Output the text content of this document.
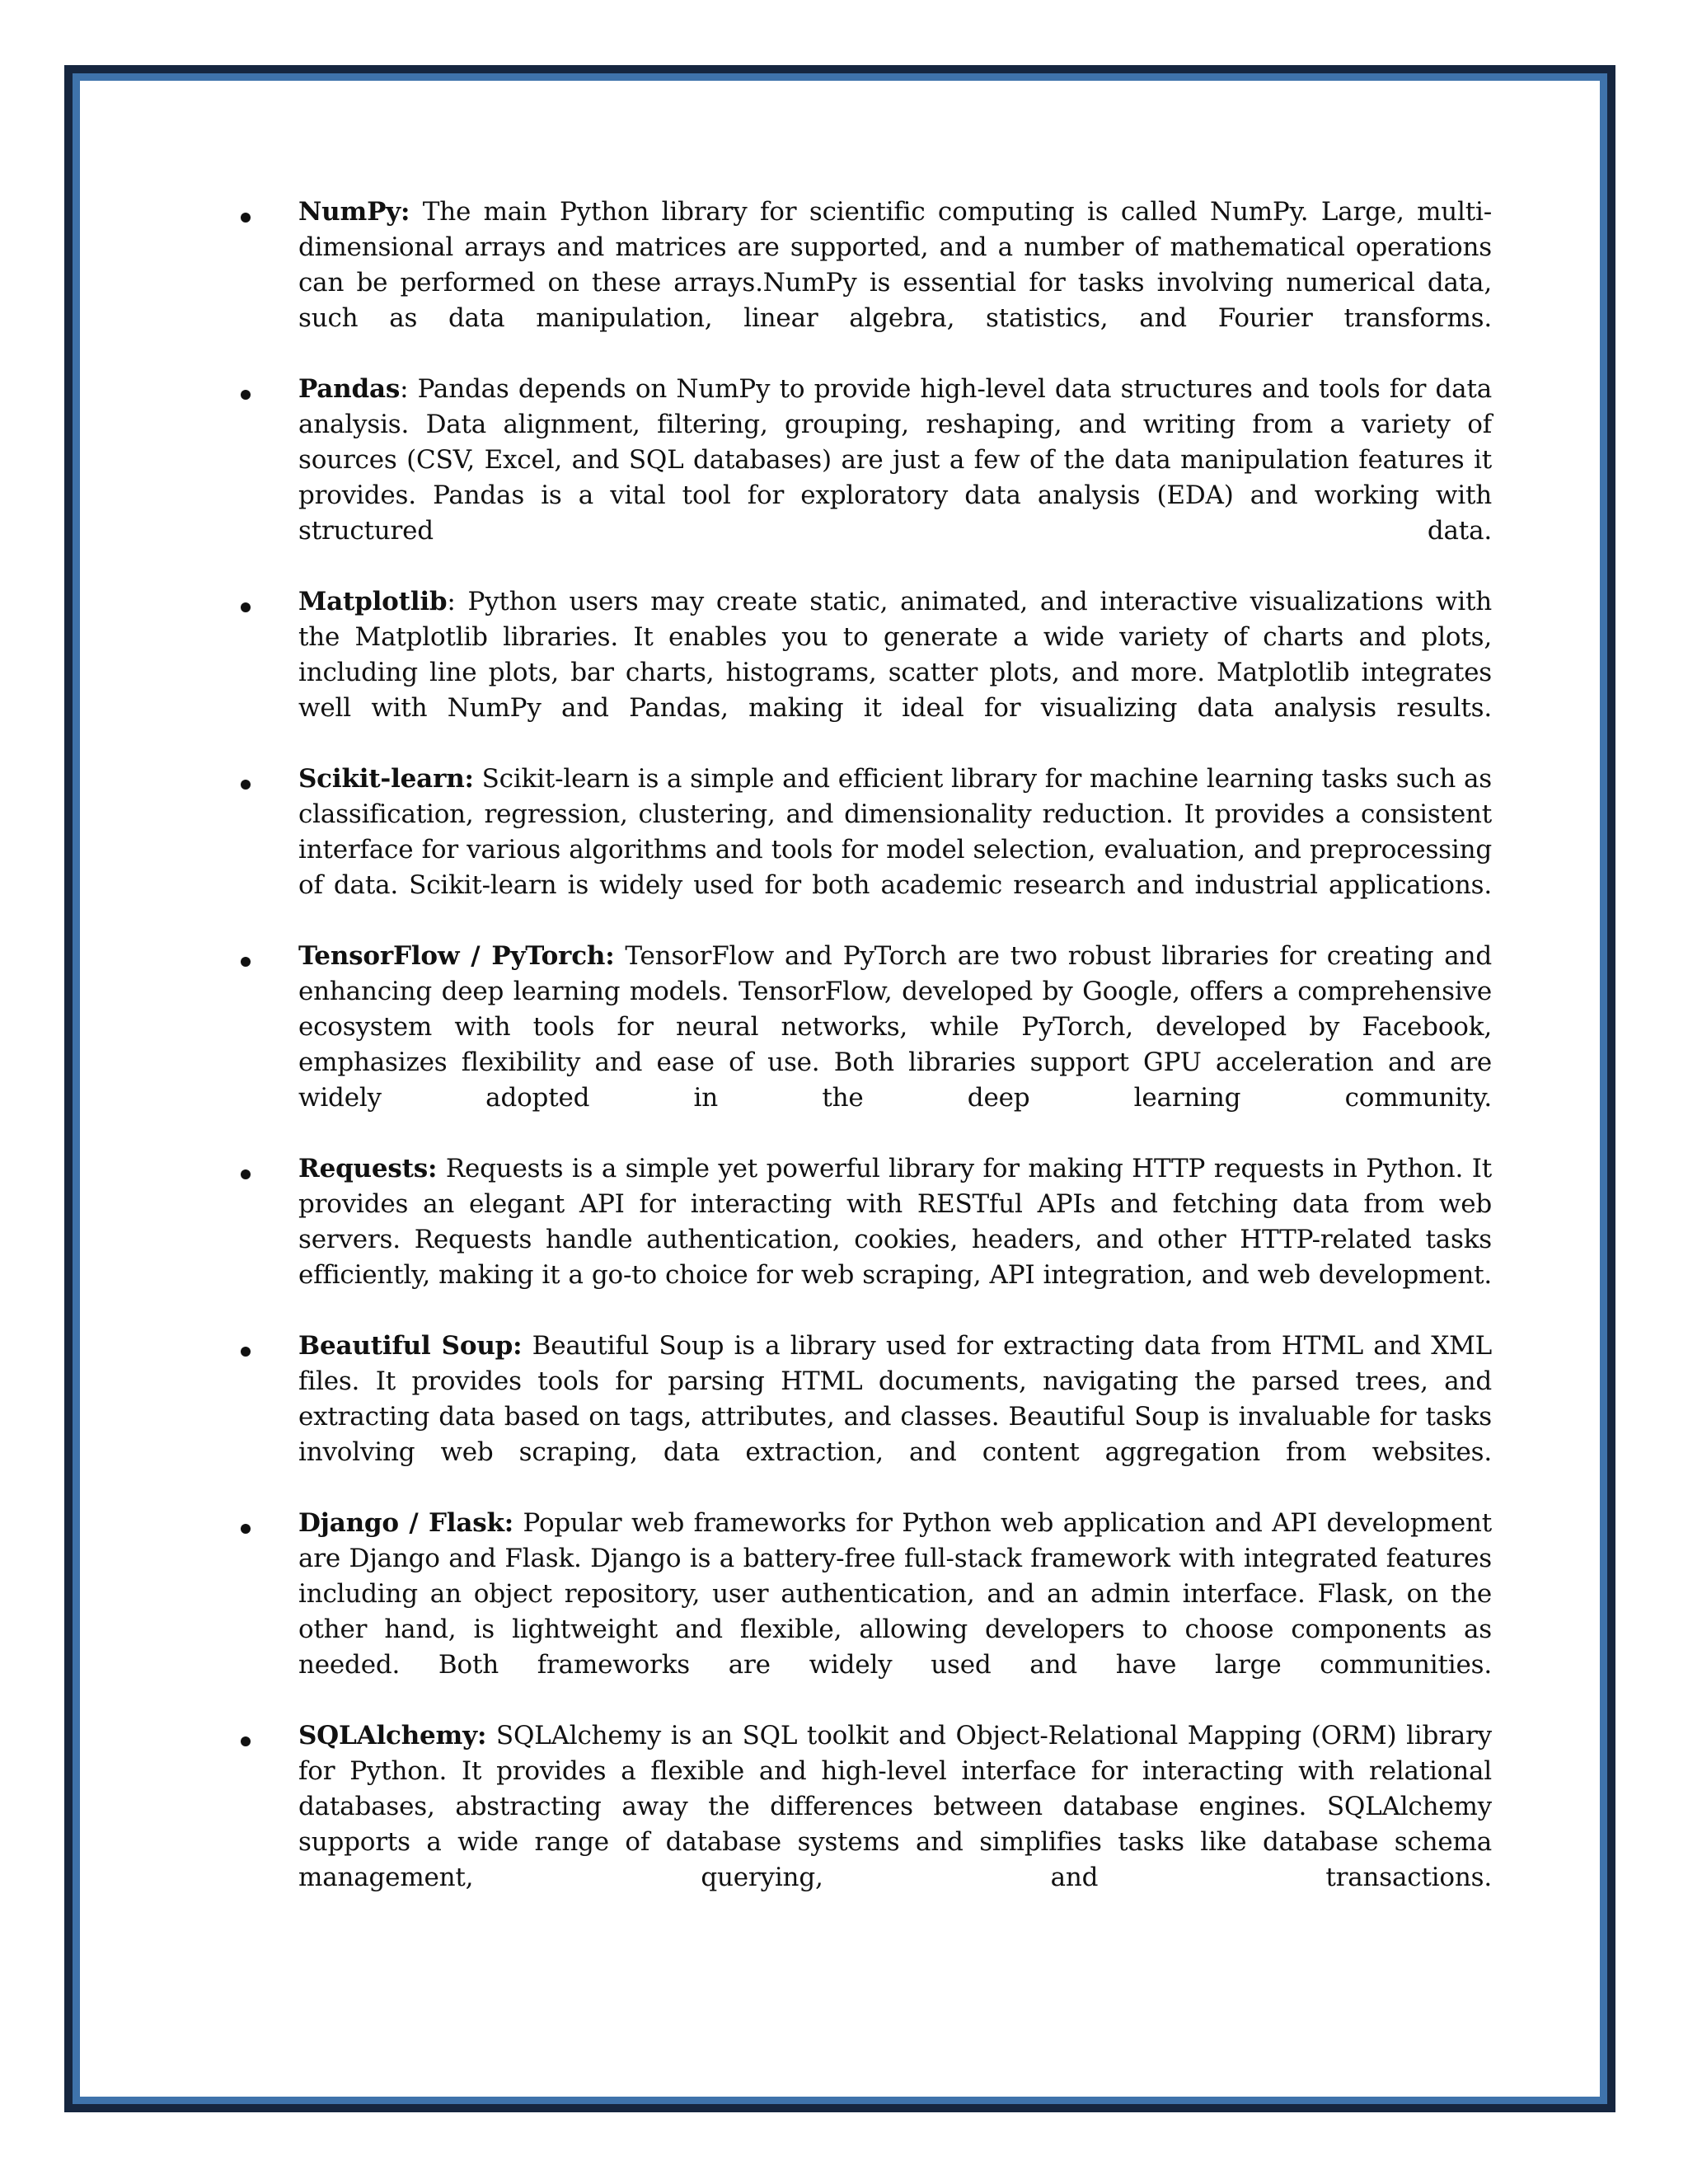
NumPy: The main Python library for scientific computing is called NumPy. Large, multi-dimensional arrays and matrices are supported, and a number of mathematical operations can be performed on these arrays.NumPy is essential for tasks involving numerical data, such as data manipulation, linear algebra, statistics, and Fourier transforms.
Pandas: Pandas depends on NumPy to provide high-level data structures and tools for data analysis. Data alignment, filtering, grouping, reshaping, and writing from a variety of sources (CSV, Excel, and SQL databases) are just a few of the data manipulation features it provides. Pandas is a vital tool for exploratory data analysis (EDA) and working with structured data.
Matplotlib: Python users may create static, animated, and interactive visualizations with the Matplotlib libraries. It enables you to generate a wide variety of charts and plots, including line plots, bar charts, histograms, scatter plots, and more. Matplotlib integrates well with NumPy and Pandas, making it ideal for visualizing data analysis results.
Scikit-learn: Scikit-learn is a simple and efficient library for machine learning tasks such as classification, regression, clustering, and dimensionality reduction. It provides a consistent interface for various algorithms and tools for model selection, evaluation, and preprocessing of data. Scikit-learn is widely used for both academic research and industrial applications.
TensorFlow / PyTorch: TensorFlow and PyTorch are two robust libraries for creating and enhancing deep learning models. TensorFlow, developed by Google, offers a comprehensive ecosystem with tools for neural networks, while PyTorch, developed by Facebook, emphasizes flexibility and ease of use. Both libraries support GPU acceleration and are widely adopted in the deep learning community.
Requests: Requests is a simple yet powerful library for making HTTP requests in Python. It provides an elegant API for interacting with RESTful APIs and fetching data from web servers. Requests handle authentication, cookies, headers, and other HTTP-related tasks efficiently, making it a go-to choice for web scraping, API integration, and web development.
Beautiful Soup: Beautiful Soup is a library used for extracting data from HTML and XML files. It provides tools for parsing HTML documents, navigating the parsed trees, and extracting data based on tags, attributes, and classes. Beautiful Soup is invaluable for tasks involving web scraping, data extraction, and content aggregation from websites.
Django / Flask: Popular web frameworks for Python web application and API development are Django and Flask. Django is a battery-free full-stack framework with integrated features including an object repository, user authentication, and an admin interface. Flask, on the other hand, is lightweight and flexible, allowing developers to choose components as needed. Both frameworks are widely used and have large communities.
SQLAlchemy: SQLAlchemy is an SQL toolkit and Object-Relational Mapping (ORM) library for Python. It provides a flexible and high-level interface for interacting with relational databases, abstracting away the differences between database engines. SQLAlchemy supports a wide range of database systems and simplifies tasks like database schema management, querying, and transactions.
